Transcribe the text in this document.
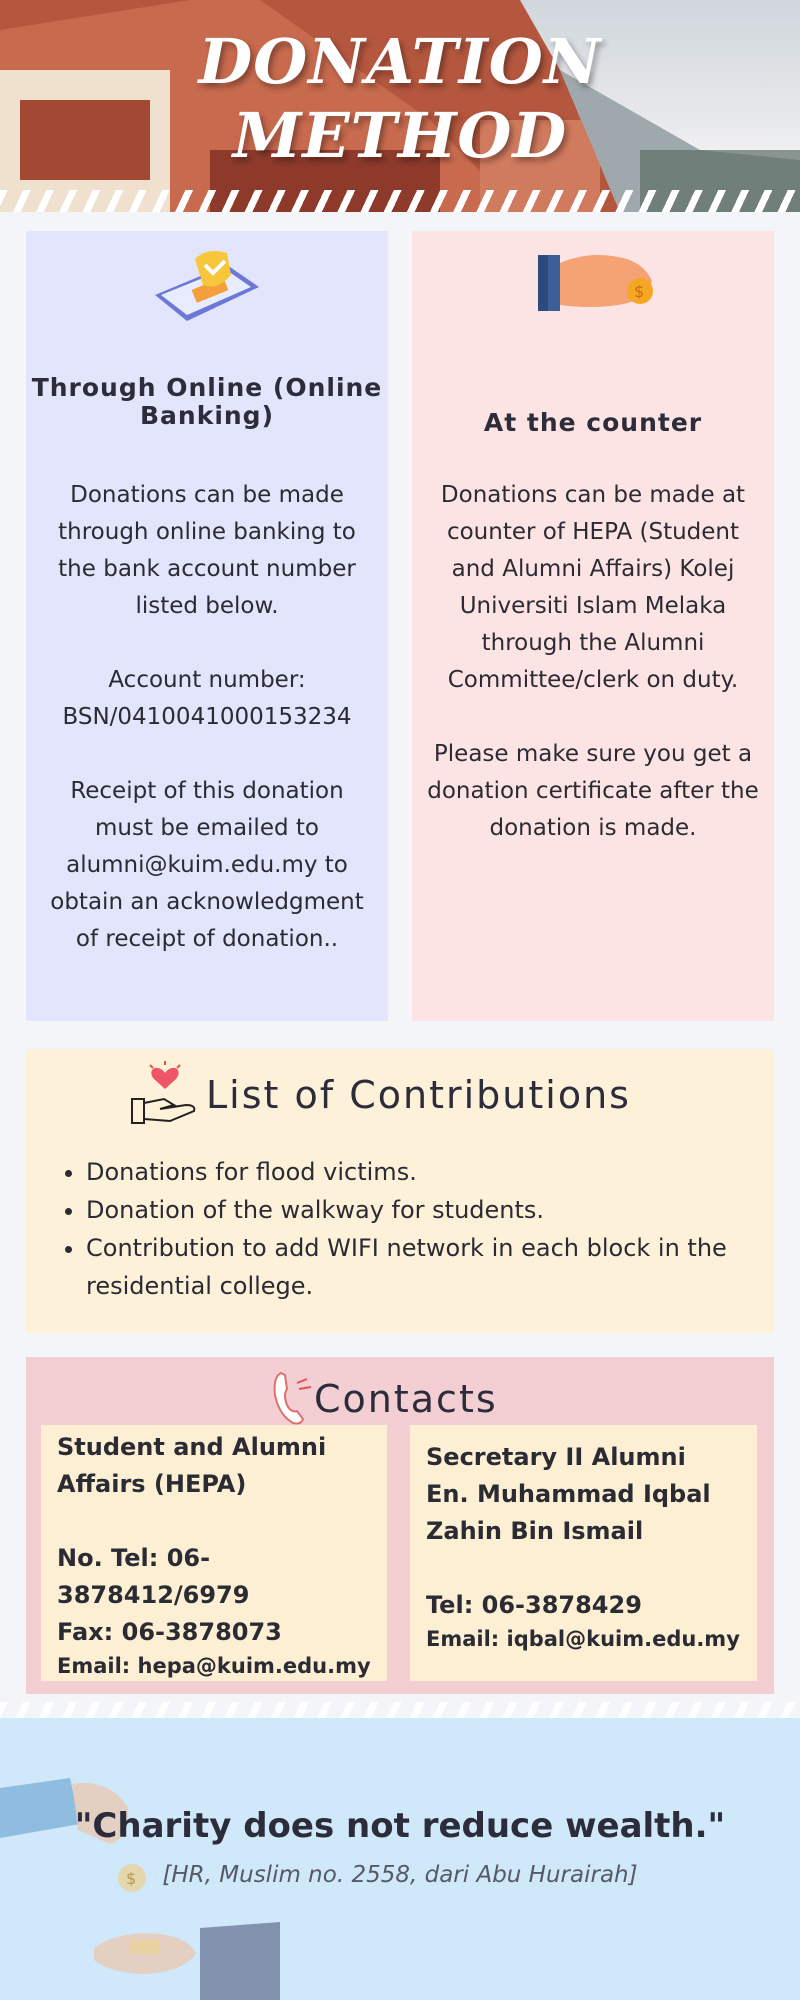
DONATION
METHOD
Through Online (Online Banking)

Donations can be made through online banking to the bank account number listed below.

Account number: BSN/0410041000153234

Receipt of this donation must be emailed to alumni@kuim.edu.my to obtain an acknowledgment of receipt of donation..

$
At the counter

Donations can be made at counter of HEPA (Student and Alumni Affairs) Kolej Universiti Islam Melaka through the Alumni Committee/clerk on duty.

Please make sure you get a donation certificate after the donation is made.

List of Contributions
• Donations for flood victims.
• Donation of the walkway for students.
• Contribution to add WIFI network in each block in the residential college.
Contacts
Student and Alumni Affairs (HEPA)
No. Tel: 06-3878412/6979
Fax: 06-3878073
Email: hepa@kuim.edu.my
Secretary II Alumni
En. Muhammad Iqbal Zahin Bin Ismail
Tel: 06-3878429
Email: iqbal@kuim.edu.my
$
"Charity does not reduce wealth."
[HR, Muslim no. 2558, dari Abu Hurairah]
